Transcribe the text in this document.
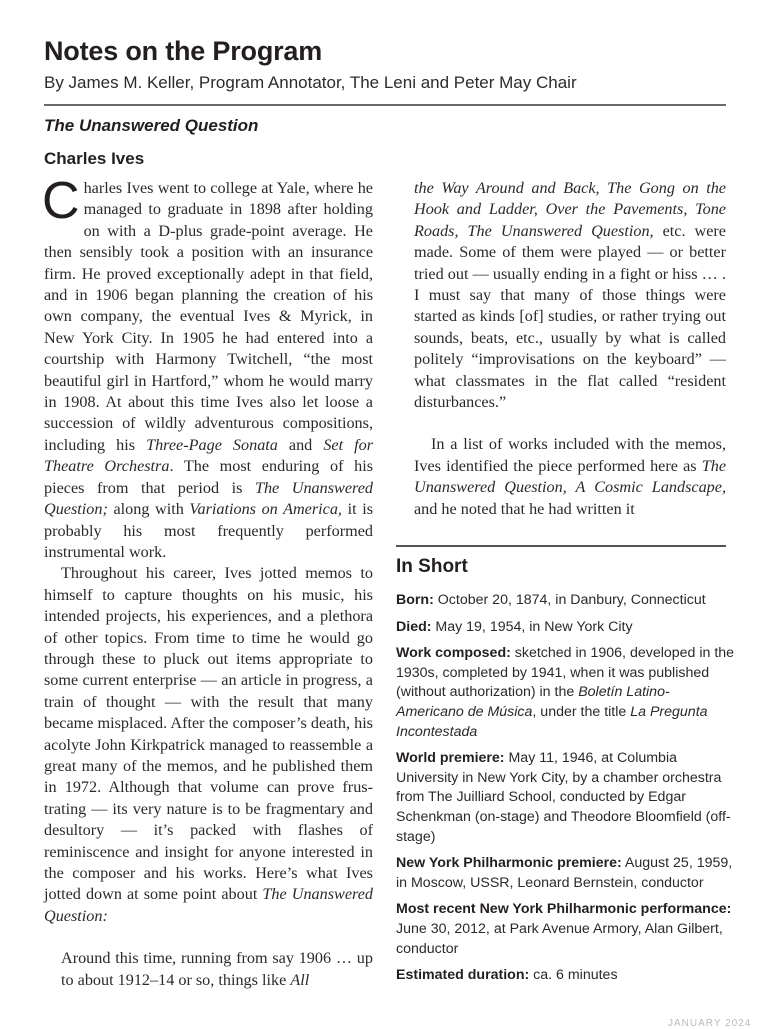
Notes on the Program
By James M. Keller, Program Annotator, The Leni and Peter May Chair
The Unanswered Question
Charles Ives

Charles Ives went to college at Yale, where he managed to graduate in 1898 after holding on with a D-plus grade-point average. He then sensibly took a position with an insurance firm. He proved exceptionally adept in that field, and in 1906 began planning the creation of his own company, the eventual Ives & Myrick, in New York City. In 1905 he had entered into a courtship with Harmony Twitchell, “the most beautiful girl in Hartford,” whom he would marry in 1908. At about this time Ives also let loose a succession of wildly adventurous compositions, including his Three-Page Sonata and Set for Theatre Orchestra. The most enduring of his pieces from that period is The Unanswered Question; along with Variations on America, it is probably his most frequently performed instrumental work.

Throughout his career, Ives jotted memos to himself to capture thoughts on his music, his intended projects, his experiences, and a plethora of other topics. From time to time he would go through these to pluck out items appropriate to some current enterprise — an article in progress, a train of thought — with the result that many became misplaced. After the composer’s death, his acolyte John Kirkpatrick managed to reassemble a great many of the memos, and he published them in 1972. Although that volume can prove frustrating — its very nature is to be fragmentary and desultory — it’s packed with flashes of reminiscence and insight for anyone interested in the composer and his works. Here’s what Ives jotted down at some point about The Unanswered Question:

Around this time, running from say 1906 … up to about 1912–14 or so, things like All

the Way Around and Back, The Gong on the Hook and Ladder, Over the Pavements, Tone Roads, The Unanswered Question, etc. were made. Some of them were played — or better tried out — usually ending in a fight or hiss … . I must say that many of those things were started as kinds [of] studies, or rather trying out sounds, beats, etc., usually by what is called politely “improvisations on the keyboard” — what classmates in the flat called “resident disturbances.”

In a list of works included with the memos, Ives identified the piece performed here as The Unanswered Question, A Cosmic Landscape, and he noted that he had written it

In Short

Born: October 20, 1874, in Danbury, Connecticut

Died: May 19, 1954, in New York City

Work composed: sketched in 1906, developed in the 1930s, completed by 1941, when it was published (without authorization) in the Boletín Latino-Americano de Música, under the title La Pregunta Incontestada

World premiere: May 11, 1946, at Columbia University in New York City, by a chamber orchestra from The Juilliard School, conducted by Edgar Schenkman (on-stage) and Theodore Bloomfield (off-stage)

New York Philharmonic premiere: August 25, 1959, in Moscow, USSR, Leonard Bernstein, conductor

Most recent New York Philharmonic performance: June 30, 2012, at Park Avenue Armory, Alan Gilbert, conductor

Estimated duration: ca. 6 minutes

JANUARY 2024
